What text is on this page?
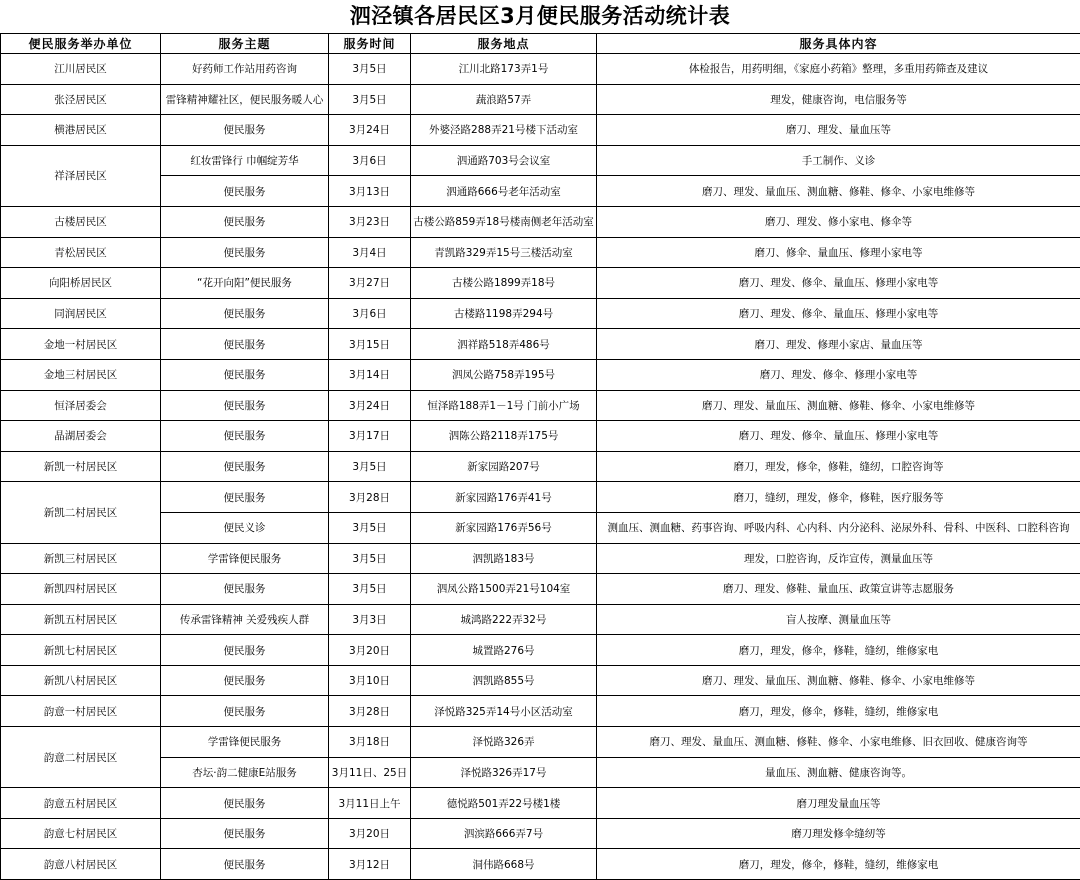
泗泾镇各居民区3月便民服务活动统计表
便民服务举办单位	服务主题	服务时间	服务地点	服务具体内容
江川居民区	好药师工作站用药咨询	3月5日	江川北路173弄1号	体检报告，用药明细，《家庭小药箱》整理，多重用药筛查及建议
张泾居民区	雷锋精神耀社区，便民服务暖人心	3月5日	蔬浪路57弄	理发，健康咨询，电信服务等
横港居民区	便民服务	3月24日	外婆泾路288弄21号楼下活动室	磨刀、理发、量血压等
祥泽居民区	红妆雷锋行 巾帼绽芳华	3月6日	泗通路703号会议室	手工制作、义诊
	便民服务	3月13日	泗通路666号老年活动室	磨刀、理发、量血压、测血糖、修鞋、修伞、小家电维修等
古楼居民区	便民服务	3月23日	古楼公路859弄18号楼南侧老年活动室	磨刀、理发、修小家电、修伞等
青松居民区	便民服务	3月4日	青凯路329弄15号三楼活动室	磨刀、修伞、量血压、修理小家电等
向阳桥居民区	“花开向阳”便民服务	3月27日	古楼公路1899弄18号	磨刀、理发、修伞、量血压、修理小家电等
同润居民区	便民服务	3月6日	古楼路1198弄294号	磨刀、理发、修伞、量血压、修理小家电等
金地一村居民区	便民服务	3月15日	泗祥路518弄486号	磨刀、理发、修理小家店、量血压等
金地三村居民区	便民服务	3月14日	泗凤公路758弄195号	磨刀、理发、修伞、修理小家电等
恒泽居委会	便民服务	3月24日	恒泽路188弄1－1号 门前小广场	磨刀、理发、量血压、测血糖、修鞋、修伞、小家电维修等
晶湖居委会	便民服务	3月17日	泗陈公路2118弄175号	磨刀、理发、修伞、量血压、修理小家电等
新凯一村居民区	便民服务	3月5日	新家园路207号	磨刀，理发，修伞，修鞋，缝纫，口腔咨询等
新凯二村居民区	便民服务	3月28日	新家园路176弄41号	磨刀，缝纫，理发，修伞，修鞋，医疗服务等
	便民义诊	3月5日	新家园路176弄56号	测血压、测血糖、药事咨询、呼吸内科、心内科、内分泌科、泌尿外科、骨科、中医科、口腔科咨询
新凯三村居民区	学雷锋便民服务	3月5日	泗凯路183号	理发，口腔咨询，反诈宣传，测量血压等
新凯四村居民区	便民服务	3月5日	泗凤公路1500弄21号104室	磨刀、理发、修鞋、量血压、政策宣讲等志愿服务
新凯五村居民区	传承雷锋精神 关爱残疾人群	3月3日	城鸿路222弄32号	盲人按摩、测量血压等
新凯七村居民区	便民服务	3月20日	城置路276号	磨刀，理发，修伞，修鞋，缝纫，维修家电
新凯八村居民区	便民服务	3月10日	泗凯路855号	磨刀、理发、量血压、测血糖、修鞋、修伞、小家电维修等
韵意一村居民区	便民服务	3月28日	泽悦路325弄14号小区活动室	磨刀，理发，修伞，修鞋，缝纫，维修家电
韵意二村居民区	学雷锋便民服务	3月18日	泽悦路326弄	磨刀、理发、量血压、测血糖、修鞋、修伞、小家电维修、旧衣回收、健康咨询等
	杏坛·韵二健康E站服务	3月11日、25日	泽悦路326弄17号	量血压、测血糖、健康咨询等。
韵意五村居民区	便民服务	3月11日上午	德悦路501弄22号楼1楼	磨刀理发量血压等
韵意七村居民区	便民服务	3月20日	泗滨路666弄7号	磨刀理发修伞缝纫等
韵意八村居民区	便民服务	3月12日	洞伟路668号	磨刀，理发，修伞，修鞋，缝纫，维修家电
